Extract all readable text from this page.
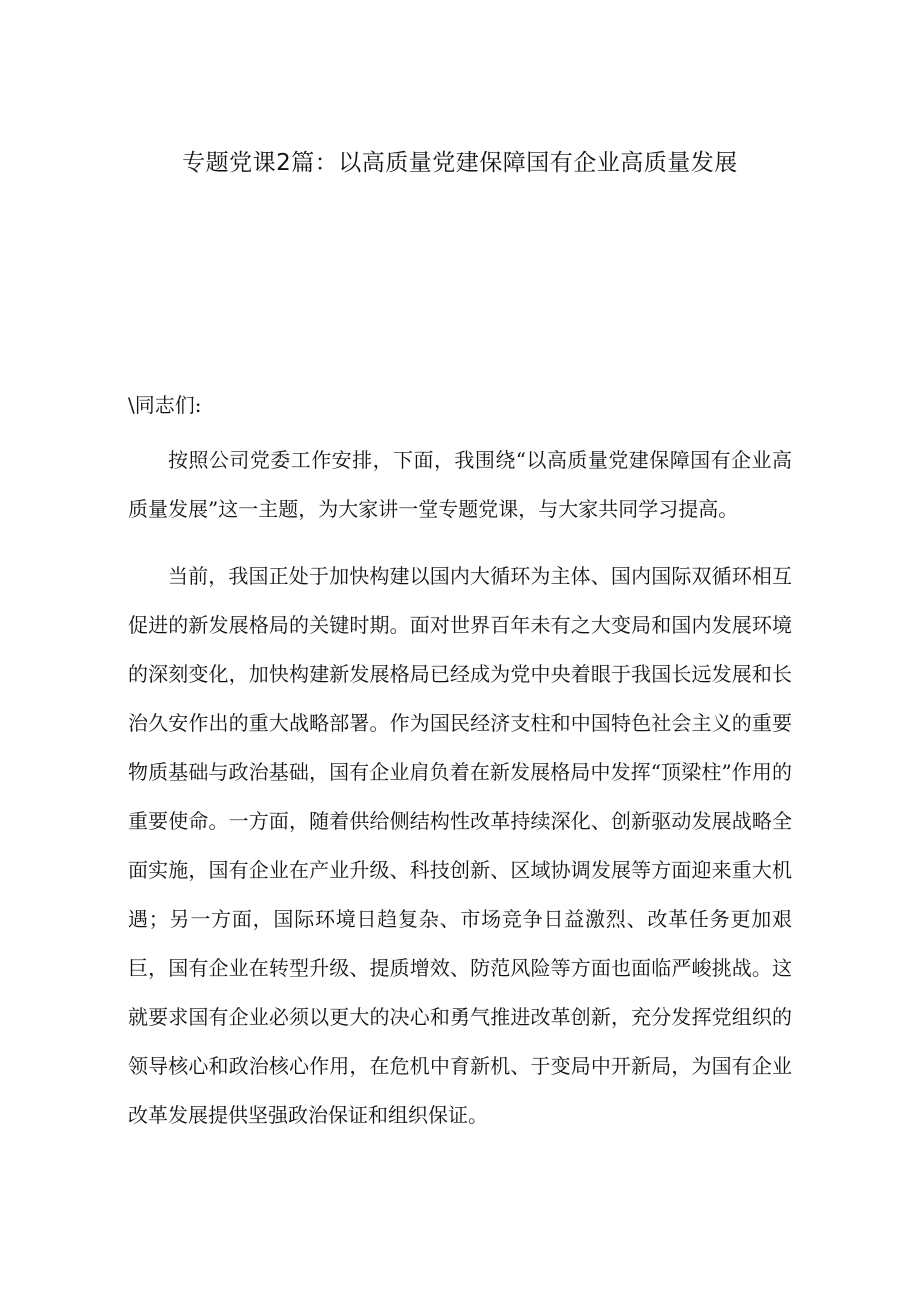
专题党课2篇：以高质量党建保障国有企业高质量发展

\同志们:

按照公司党委工作安排，下面，我围绕“以高质量党建保障国有企业高质量发展”这一主题，为大家讲一堂专题党课，与大家共同学习提高。

当前，我国正处于加快构建以国内大循环为主体、国内国际双循环相互促进的新发展格局的关键时期。面对世界百年未有之大变局和国内发展环境的深刻变化，加快构建新发展格局已经成为党中央着眼于我国长远发展和长治久安作出的重大战略部署。作为国民经济支柱和中国特色社会主义的重要物质基础与政治基础，国有企业肩负着在新发展格局中发挥“顶梁柱”作用的重要使命。一方面，随着供给侧结构性改革持续深化、创新驱动发展战略全面实施，国有企业在产业升级、科技创新、区域协调发展等方面迎来重大机遇；另一方面，国际环境日趋复杂、市场竞争日益激烈、改革任务更加艰巨，国有企业在转型升级、提质增效、防范风险等方面也面临严峻挑战。这就要求国有企业必须以更大的决心和勇气推进改革创新，充分发挥党组织的领导核心和政治核心作用，在危机中育新机、于变局中开新局，为国有企业改革发展提供坚强政治保证和组织保证。
